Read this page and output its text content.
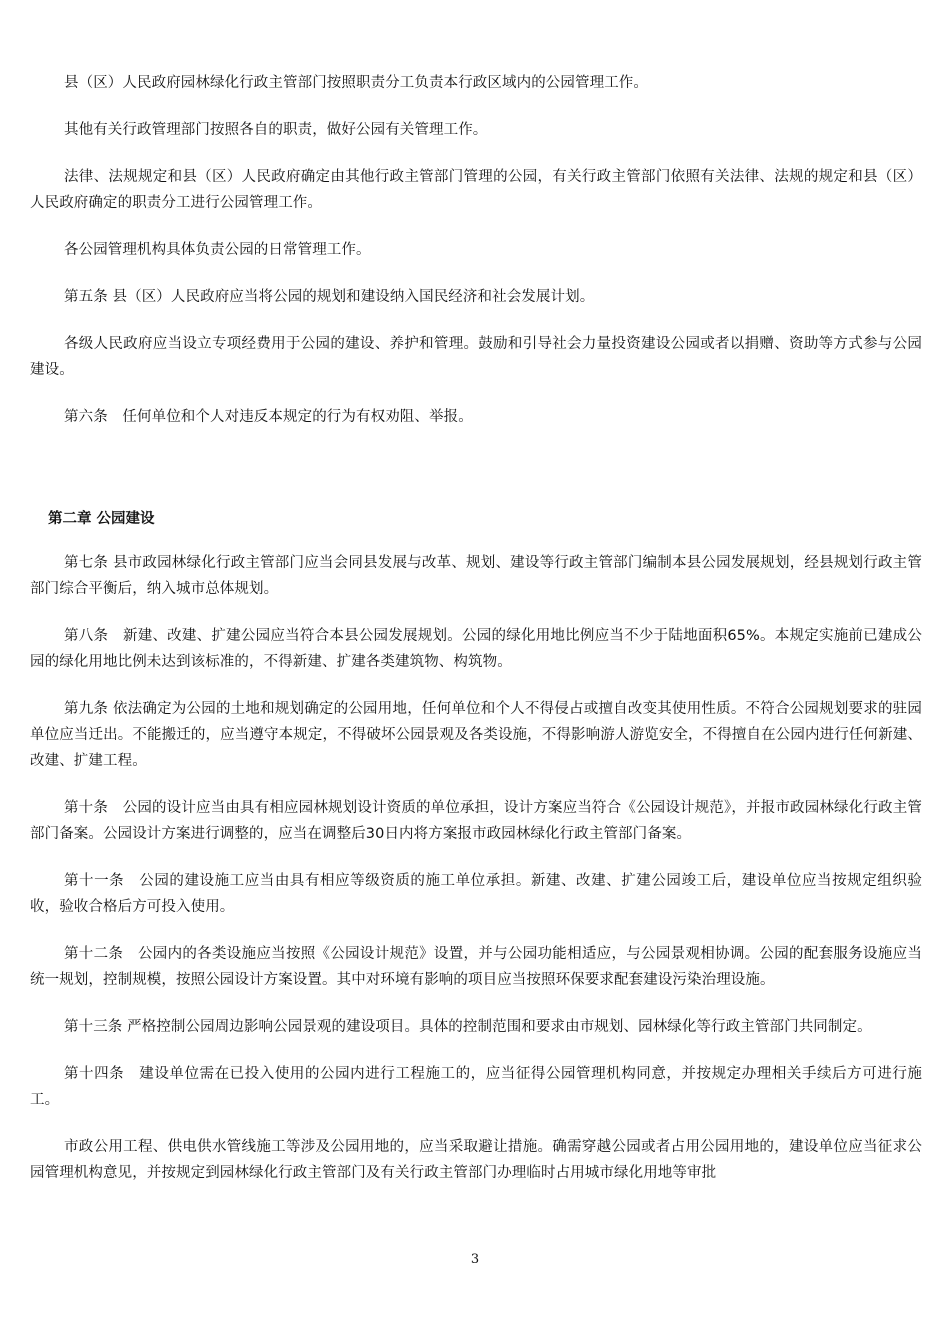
县（区）人民政府园林绿化行政主管部门按照职责分工负责本行政区域内的公园管理工作。

其他有关行政管理部门按照各自的职责，做好公园有关管理工作。

法律、法规规定和县（区）人民政府确定由其他行政主管部门管理的公园，有关行政主管部门依照有关法律、法规的规定和县（区）人民政府确定的职责分工进行公园管理工作。

各公园管理机构具体负责公园的日常管理工作。

第五条 县（区）人民政府应当将公园的规划和建设纳入国民经济和社会发展计划。

各级人民政府应当设立专项经费用于公园的建设、养护和管理。鼓励和引导社会力量投资建设公园或者以捐赠、资助等方式参与公园建设。

第六条　任何单位和个人对违反本规定的行为有权劝阻、举报。

第二章 公园建设

第七条 县市政园林绿化行政主管部门应当会同县发展与改革、规划、建设等行政主管部门编制本县公园发展规划，经县规划行政主管部门综合平衡后，纳入城市总体规划。

第八条　新建、改建、扩建公园应当符合本县公园发展规划。公园的绿化用地比例应当不少于陆地面积65%。本规定实施前已建成公园的绿化用地比例未达到该标准的，不得新建、扩建各类建筑物、构筑物。

第九条 依法确定为公园的土地和规划确定的公园用地，任何单位和个人不得侵占或擅自改变其使用性质。不符合公园规划要求的驻园单位应当迁出。不能搬迁的，应当遵守本规定，不得破坏公园景观及各类设施，不得影响游人游览安全，不得擅自在公园内进行任何新建、改建、扩建工程。

第十条　公园的设计应当由具有相应园林规划设计资质的单位承担，设计方案应当符合《公园设计规范》，并报市政园林绿化行政主管部门备案。公园设计方案进行调整的，应当在调整后30日内将方案报市政园林绿化行政主管部门备案。

第十一条　公园的建设施工应当由具有相应等级资质的施工单位承担。新建、改建、扩建公园竣工后，建设单位应当按规定组织验收，验收合格后方可投入使用。

第十二条　公园内的各类设施应当按照《公园设计规范》设置，并与公园功能相适应，与公园景观相协调。公园的配套服务设施应当统一规划，控制规模，按照公园设计方案设置。其中对环境有影响的项目应当按照环保要求配套建设污染治理设施。

第十三条 严格控制公园周边影响公园景观的建设项目。具体的控制范围和要求由市规划、园林绿化等行政主管部门共同制定。

第十四条　建设单位需在已投入使用的公园内进行工程施工的，应当征得公园管理机构同意，并按规定办理相关手续后方可进行施工。

市政公用工程、供电供水管线施工等涉及公园用地的，应当采取避让措施。确需穿越公园或者占用公园用地的，建设单位应当征求公园管理机构意见，并按规定到园林绿化行政主管部门及有关行政主管部门办理临时占用城市绿化用地等审批

3
